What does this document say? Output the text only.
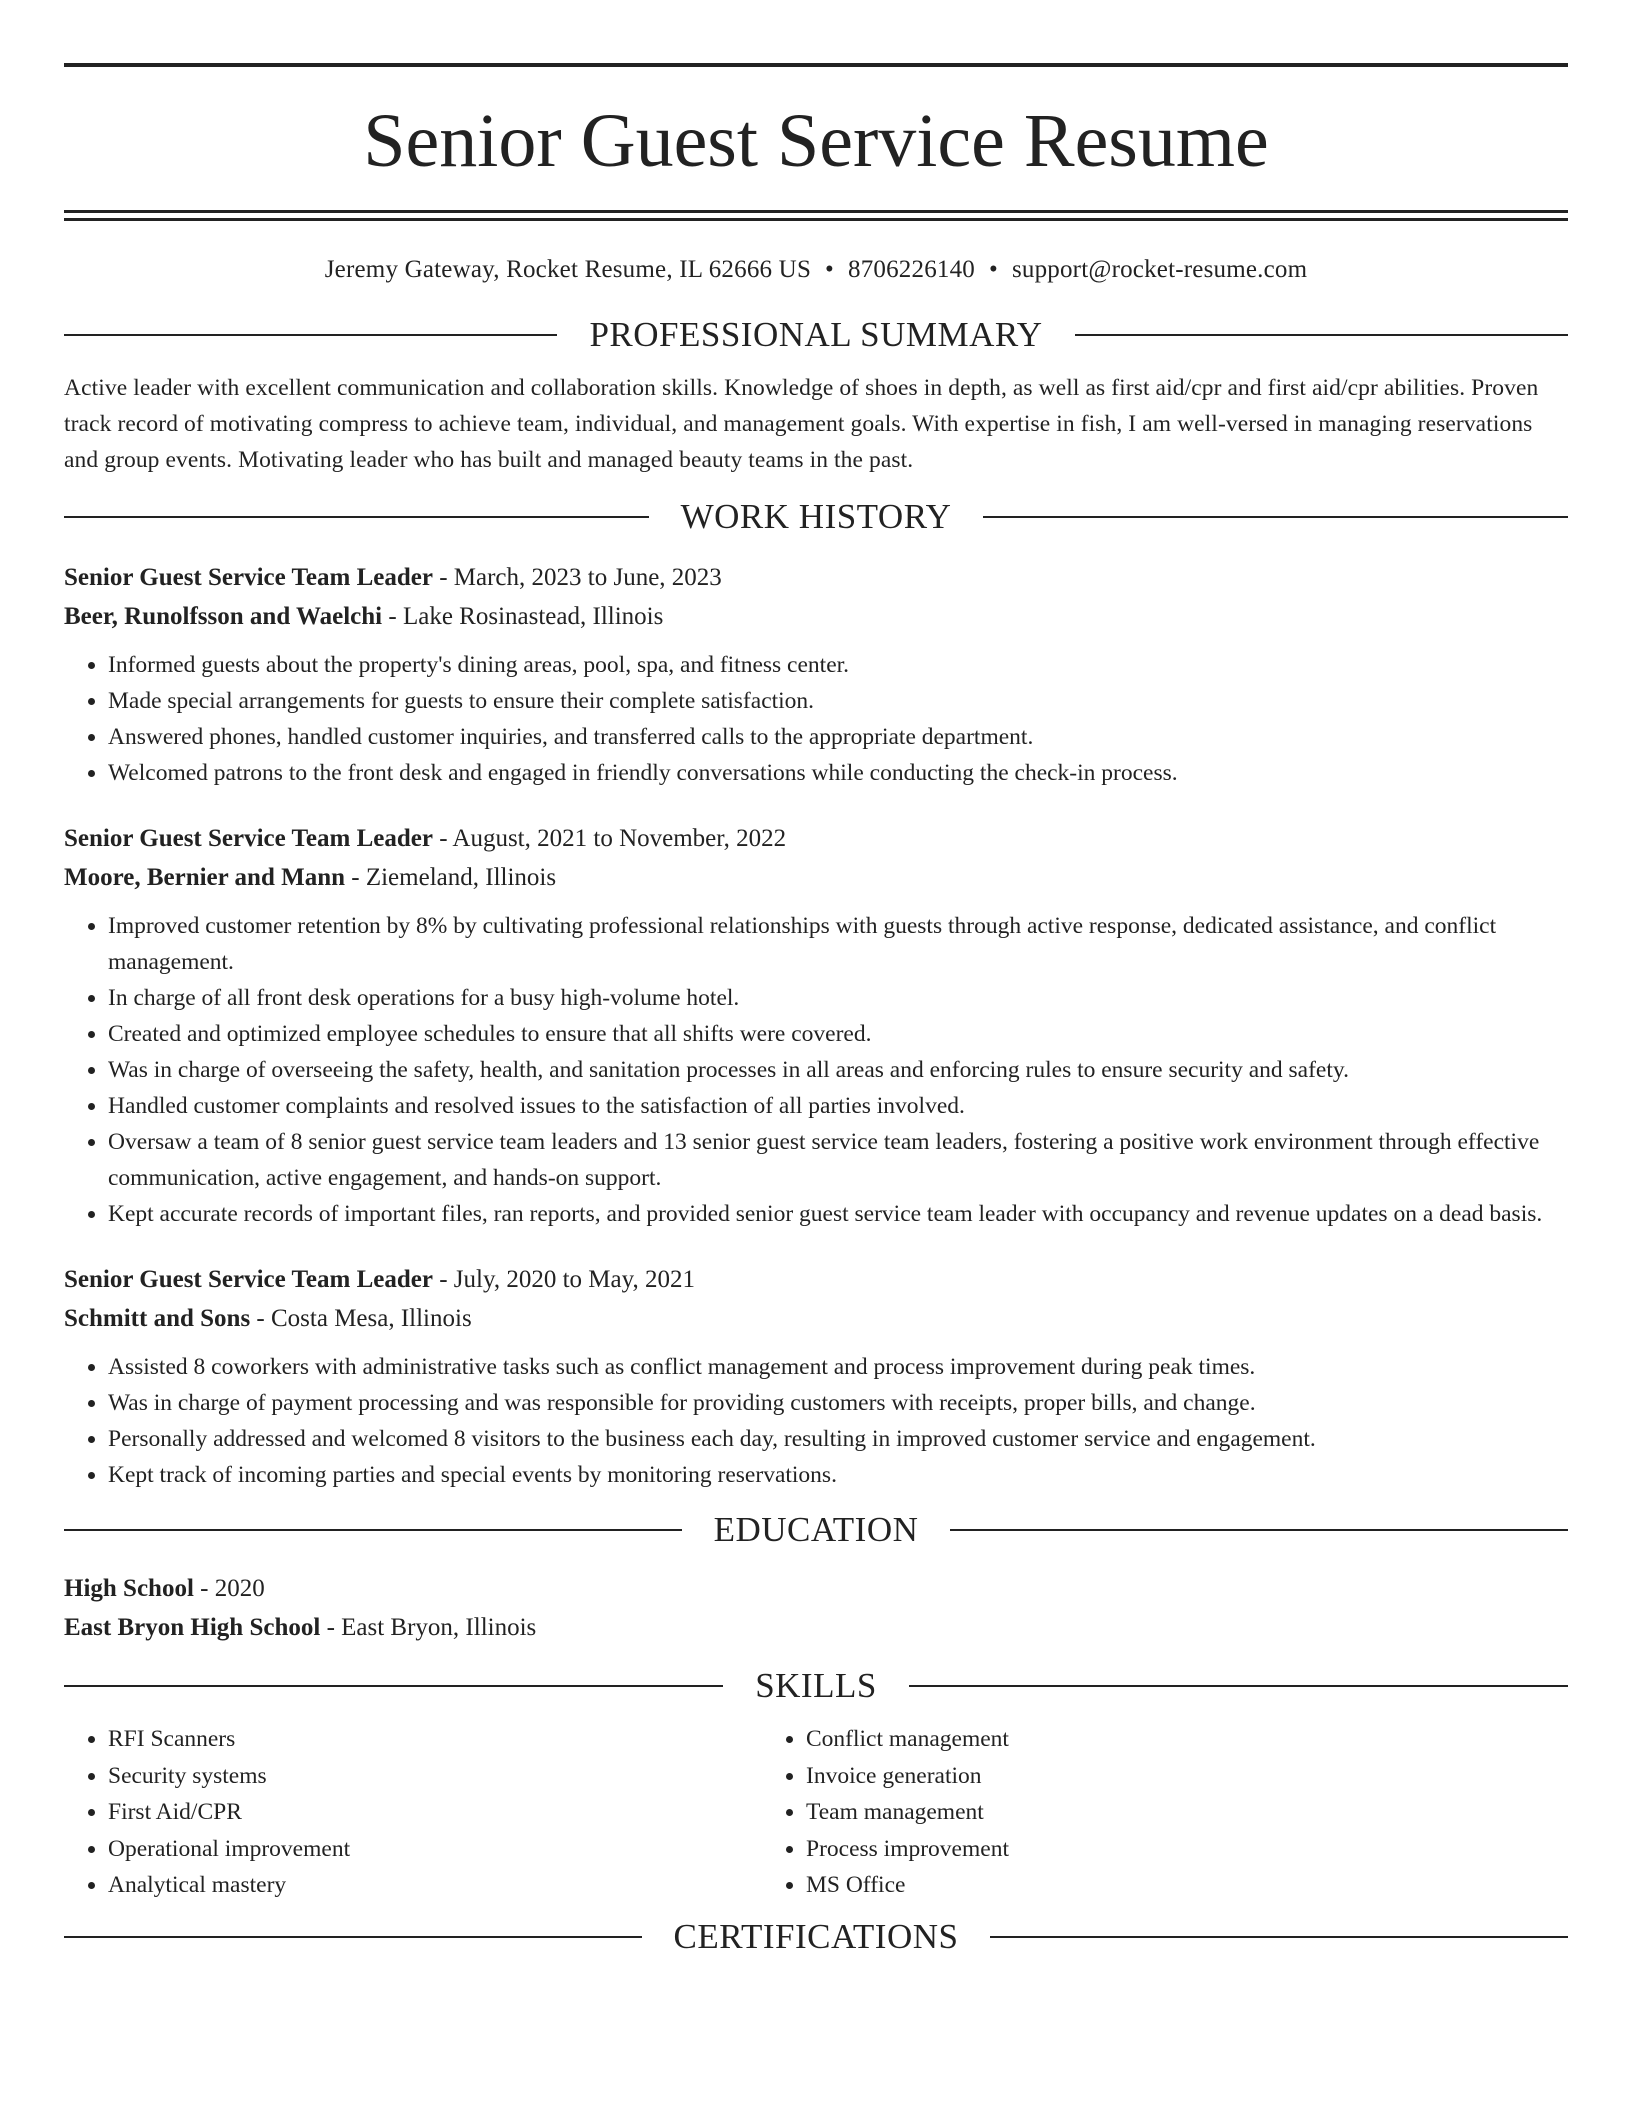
Senior Guest Service Resume
Jeremy Gateway, Rocket Resume, IL 62666 US • 8706226140 • support@rocket-resume.com
PROFESSIONAL SUMMARY
Active leader with excellent communication and collaboration skills. Knowledge of shoes in depth, as well as first aid/cpr and first aid/cpr abilities. Proven track record of motivating compress to achieve team, individual, and management goals. With expertise in fish, I am well-versed in managing reservations and group events. Motivating leader who has built and managed beauty teams in the past.
WORK HISTORY
Senior Guest Service Team Leader - March, 2023 to June, 2023
Beer, Runolfsson and Waelchi - Lake Rosinastead, Illinois
• Informed guests about the property's dining areas, pool, spa, and fitness center.
• Made special arrangements for guests to ensure their complete satisfaction.
• Answered phones, handled customer inquiries, and transferred calls to the appropriate department.
• Welcomed patrons to the front desk and engaged in friendly conversations while conducting the check-in process.
Senior Guest Service Team Leader - August, 2021 to November, 2022
Moore, Bernier and Mann - Ziemeland, Illinois
• Improved customer retention by 8% by cultivating professional relationships with guests through active response, dedicated assistance, and conflict management.
• In charge of all front desk operations for a busy high-volume hotel.
• Created and optimized employee schedules to ensure that all shifts were covered.
• Was in charge of overseeing the safety, health, and sanitation processes in all areas and enforcing rules to ensure security and safety.
• Handled customer complaints and resolved issues to the satisfaction of all parties involved.
• Oversaw a team of 8 senior guest service team leaders and 13 senior guest service team leaders, fostering a positive work environment through effective communication, active engagement, and hands-on support.
• Kept accurate records of important files, ran reports, and provided senior guest service team leader with occupancy and revenue updates on a dead basis.
Senior Guest Service Team Leader - July, 2020 to May, 2021
Schmitt and Sons - Costa Mesa, Illinois
• Assisted 8 coworkers with administrative tasks such as conflict management and process improvement during peak times.
• Was in charge of payment processing and was responsible for providing customers with receipts, proper bills, and change.
• Personally addressed and welcomed 8 visitors to the business each day, resulting in improved customer service and engagement.
• Kept track of incoming parties and special events by monitoring reservations.
EDUCATION
High School - 2020
East Bryon High School - East Bryon, Illinois
SKILLS
• RFI Scanners
• Security systems
• First Aid/CPR
• Operational improvement
• Analytical mastery
• Conflict management
• Invoice generation
• Team management
• Process improvement
• MS Office
CERTIFICATIONS
